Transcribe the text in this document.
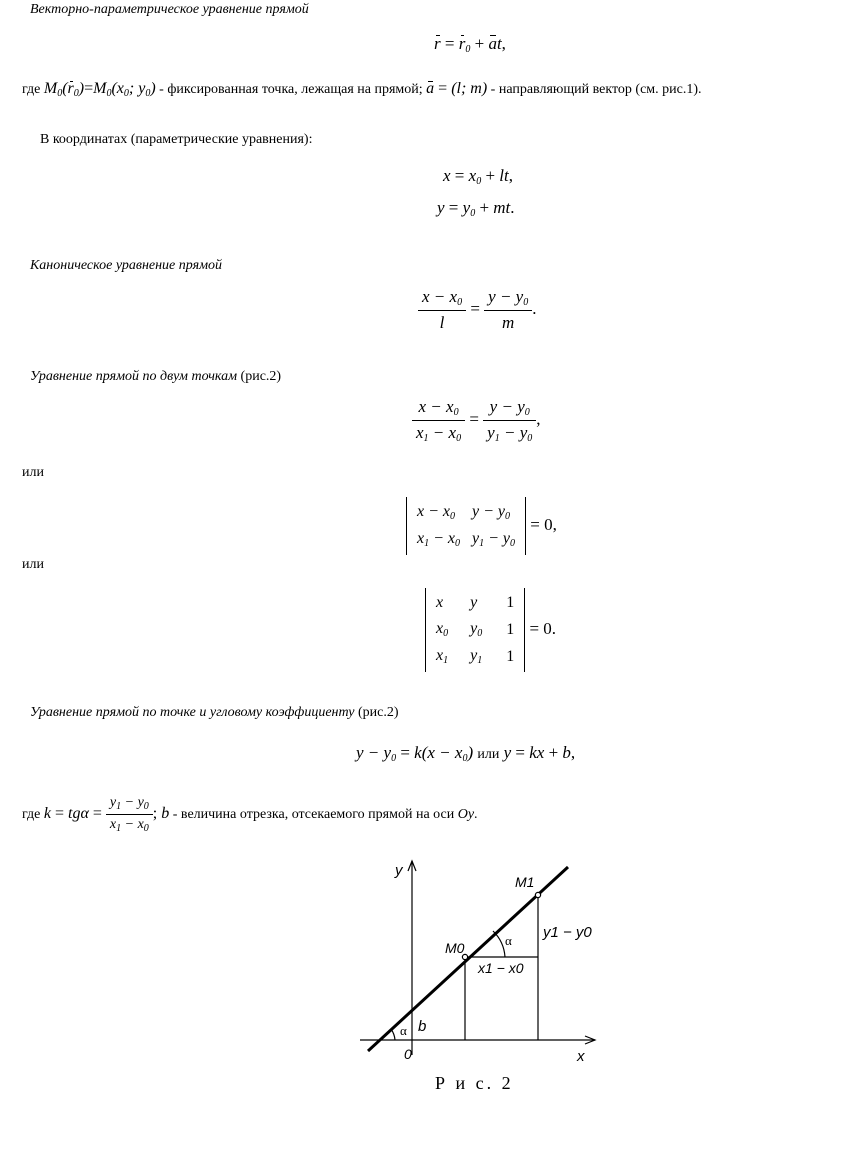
Векторно-параметрическое уравнение прямой
$r = r_0$ + at,
где $M_0(r_0)=M_0(x_0$; $y_0$) - фиксированная точка, лежащая на прямой; a = (l; m) - направляющий вектор (см. рис.1).
В координатах (параметрические уравнения):
$x = x_0$ + lt,
$y = y_0$ + mt.
Каноническое уравнение прямой
$\frac{x - x_0}{l} = \frac{y - y_0}{m}$ .
Уравнение прямой по двум точкам (рис.2)
$\frac{x - x_0}{x_1 - x_0} = \frac{y - y_0}{y_1 - y_0}$ ,
или
$x - x_0$	$y - y_0$
$x_1 - x_0$	$y_1 - y_0$
= 0,
или
x	y	1
$x_0$	$y_0$	1
$x_1$	$y_1$	1
= 0.
Уравнение прямой по точке и угловому коэффициенту (рис.2)
$y - y_0 = k(x - x_0)$ или y = kx + b,
где $k = tg\alpha = \frac{y_1 - y_0}{x_1 - x_0}$ ; b - величина отрезка, отсекаемого прямой на оси Oy.
y
x
0
b
α
α
M1
M0
x1 − x0
y1 − y0
Р и с. 2
